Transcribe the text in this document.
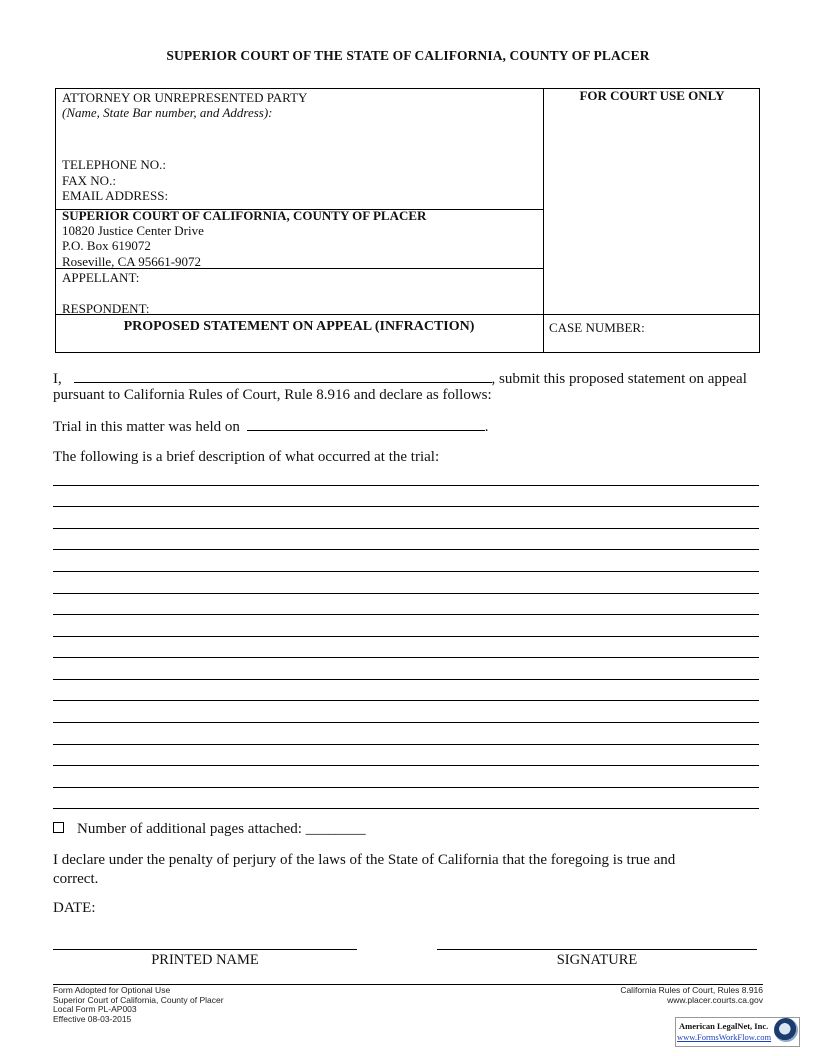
SUPERIOR COURT OF THE STATE OF CALIFORNIA, COUNTY OF PLACER
ATTORNEY OR UNREPRESENTED PARTY
(Name, State Bar number, and Address):
TELEPHONE NO.:
FAX NO.:
EMAIL ADDRESS:
FOR COURT USE ONLY
SUPERIOR COURT OF CALIFORNIA, COUNTY OF PLACER
10820 Justice Center Drive
P.O. Box 619072
Roseville, CA 95661-9072
APPELLANT:
RESPONDENT:
PROPOSED STATEMENT ON APPEAL (INFRACTION)	CASE NUMBER:
I,	, submit this proposed statement on appeal
pursuant to California Rules of Court, Rule 8.916 and declare as follows:
Trial in this matter was held on	.
The following is a brief description of what occurred at the trial:
Number of additional pages attached: ________
I declare under the penalty of perjury of the laws of the State of California that the foregoing is true and
correct.
DATE:
PRINTED NAME	SIGNATURE
Form Adopted for Optional Use
Superior Court of California, County of Placer
Local Form PL-AP003
Effective 08-03-2015
California Rules of Court, Rules 8.916
www.placer.courts.ca.gov
American LegalNet, Inc.
www.FormsWorkFlow.com
